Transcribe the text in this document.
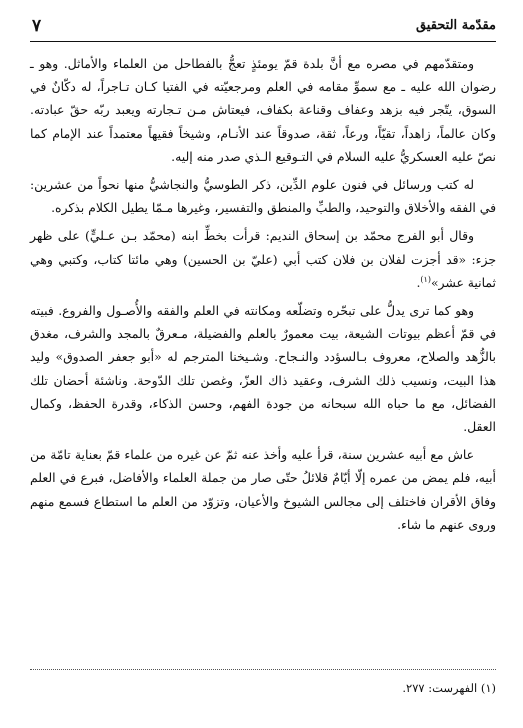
مقدّمة التحقيق
٧

ومتقدّمهم في مصره مع أنَّ بلدة قمّ يومئذٍ تعجُّ بالفطاحل من العلماء والأماثل. وهو ـ رضوان الله عليه ـ مع سموِّ مقامه في العلم ومرجعيّته في الفتيا كـان تـاجراً، له دكّانٌ في السوق، يتّجر فيه بزهد وعفاف وقناعة بكفاف، فيعتاش مـن تـجارته ويعبد ربّه حقّ عبادته. وكان عالماً، زاهداً، تقيّاً، ورعاً، ثقة، صدوقاً عند الأنـام، وشيخاً فقيهاً معتمداً عند الإمام كما نصّ عليه العسكريُّ عليه السلام في التـوقيع الـذي صدر منه إليه.

له كتب ورسائل في فنون علوم الدِّين، ذكر الطوسيُّ والنجاشيُّ منها نحواً من عشرين: في الفقه والأخلاق والتوحيد، والطبِّ والمنطق والتفسير، وغيرها مـمّا يطيل الكلام بذكره.

وقال أبو الفرج محمّد بن إسحاق النديم: قرأت بخطِّ ابنه (محمّد بـن عـليٍّ) على ظهر جزء: «قد أجزت لفلان بن فلان كتب أبي (عليّ بن الحسين) وهي مائتا كتاب، وكتبي وهي ثمانية عشر»$^{(١)}$.

وهو كما ترى يدلُّ على تبحّره وتضلّعه ومكانته في العلم والفقه والأُصـول والفروع. فبيته في قمّ أعظم بيوتات الشيعة، بيت معمورٌ بالعلم والفضيلة، مـعرقٌ بالمجد والشرف، مغدق بالزُّهد والصلاح، معروف بـالسؤدد والنـجاح. وشـيخنا المترجم له «أبو جعفر الصدوق» وليد هذا البيت، ونسيب ذلك الشرف، وعقيد ذاك العزّ، وغصن تلك الدّوحة. وناشئة أحضان تلك الفضائل، مع ما حباه الله سبحانه من جودة الفهم، وحسن الذكاء، وقدرة الحفظ، وكمال العقل.

عاش مع أبيه عشرين سنة، قرأ عليه وأخذ عنه ثمّ عن غيره من علماء قمّ بعناية تامّة من أبيه، فلم يمض من عمره إلّا أيّامٌ قلائلُ حتّى صار من جملة العلماء والأفاضل، فبرع في العلم وفاق الأقران فاختلف إلى مجالس الشيوخ والأعيان، وتزوّد من العلم ما استطاع فسمع منهم وروى عنهم ما شاء.

(١) الفهرست: ٢٧٧.
